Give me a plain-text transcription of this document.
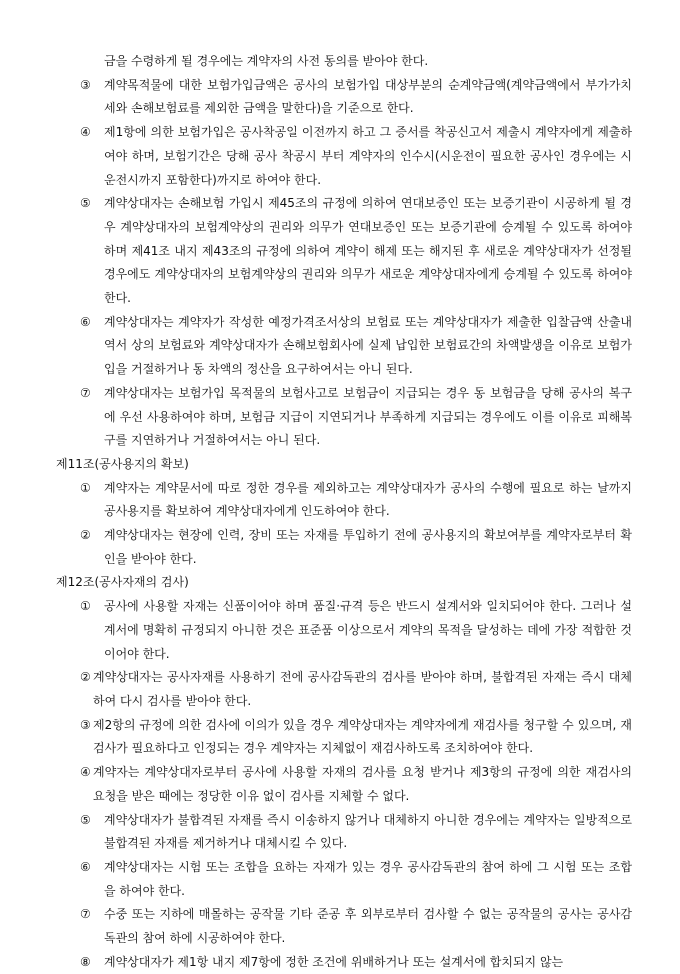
금을 수령하게 될 경우에는 계약자의 사전 동의를 받아야 한다.
③	계약목적물에 대한 보험가입금액은 공사의 보험가입 대상부분의 순계약금액(계약금액에서 부가가치세와 손해보험료를 제외한 금액을 말한다)을 기준으로 한다.
④	제1항에 의한 보험가입은 공사착공일 이전까지 하고 그 증서를 착공신고서 제출시 계약자에게 제출하여야 하며, 보험기간은 당해 공사 착공시 부터 계약자의 인수시(시운전이 필요한 공사인 경우에는 시운전시까지 포함한다)까지로 하여야 한다.
⑤	계약상대자는 손해보험 가입시 제45조의 규정에 의하여 연대보증인 또는 보증기관이 시공하게 될 경우 계약상대자의 보험계약상의 권리와 의무가 연대보증인 또는 보증기관에 승계될 수 있도록 하여야 하며 제41조 내지 제43조의 규정에 의하여 계약이 해제 또는 해지된 후 새로운 계약상대자가 선정될 경우에도 계약상대자의 보험계약상의 권리와 의무가 새로운 계약상대자에게 승계될 수 있도록 하여야 한다.
⑥	계약상대자는 계약자가 작성한 예정가격조서상의 보험료 또는 계약상대자가 제출한 입찰금액 산출내역서 상의 보험료와 계약상대자가 손해보험회사에 실제 납입한 보험료간의 차액발생을 이유로 보험가입을 거절하거나 동 차액의 정산을 요구하여서는 아니 된다.
⑦	계약상대자는 보험가입 목적물의 보험사고로 보험금이 지급되는 경우 동 보험금을 당해 공사의 복구에 우선 사용하여야 하며, 보험금 지급이 지연되거나 부족하게 지급되는 경우에도 이를 이유로 피해복구를 지연하거나 거절하여서는 아니 된다.
제11조(공사용지의 확보)
①	계약자는 계약문서에 따로 정한 경우를 제외하고는 계약상대자가 공사의 수행에 필요로 하는 날까지 공사용지를 확보하여 계약상대자에게 인도하여야 한다.
②	계약상대자는 현장에 인력, 장비 또는 자재를 투입하기 전에 공사용지의 확보여부를 계약자로부터 확인을 받아야 한다.
제12조(공사자재의 검사)
①	공사에 사용할 자재는 신품이어야 하며 품질·규격 등은 반드시 설계서와 일치되어야 한다. 그러나 설계서에 명확히 규정되지 아니한 것은 표준품 이상으로서 계약의 목적을 달성하는 데에 가장 적합한 것이어야 한다.
② 계약상대자는 공사자재를 사용하기 전에 공사감독관의 검사를 받아야 하며, 불합격된 자재는 즉시 대체하여 다시 검사를 받아야 한다.
③ 제2항의 규정에 의한 검사에 이의가 있을 경우 계약상대자는 계약자에게 재검사를 청구할 수 있으며, 재검사가 필요하다고 인정되는 경우 계약자는 지체없이 재검사하도록 조치하여야 한다.
④ 계약자는 계약상대자로부터 공사에 사용할 자재의 검사를 요청 받거나 제3항의 규정에 의한 재검사의 요청을 받은 때에는 정당한 이유 없이 검사를 지체할 수 없다.
⑤	계약상대자가 불합격된 자재를 즉시 이송하지 않거나 대체하지 아니한 경우에는 계약자는 일방적으로 불합격된 자재를 제거하거나 대체시킬 수 있다.
⑥	계약상대자는 시험 또는 조합을 요하는 자재가 있는 경우 공사감독관의 참여 하에 그 시험 또는 조합을 하여야 한다.
⑦	수중 또는 지하에 매몰하는 공작물 기타 준공 후 외부로부터 검사할 수 없는 공작물의 공사는 공사감독관의 참여 하에 시공하여야 한다.
⑧	계약상대자가 제1항 내지 제7항에 정한 조건에 위배하거나 또는 설계서에 합치되지 않는
